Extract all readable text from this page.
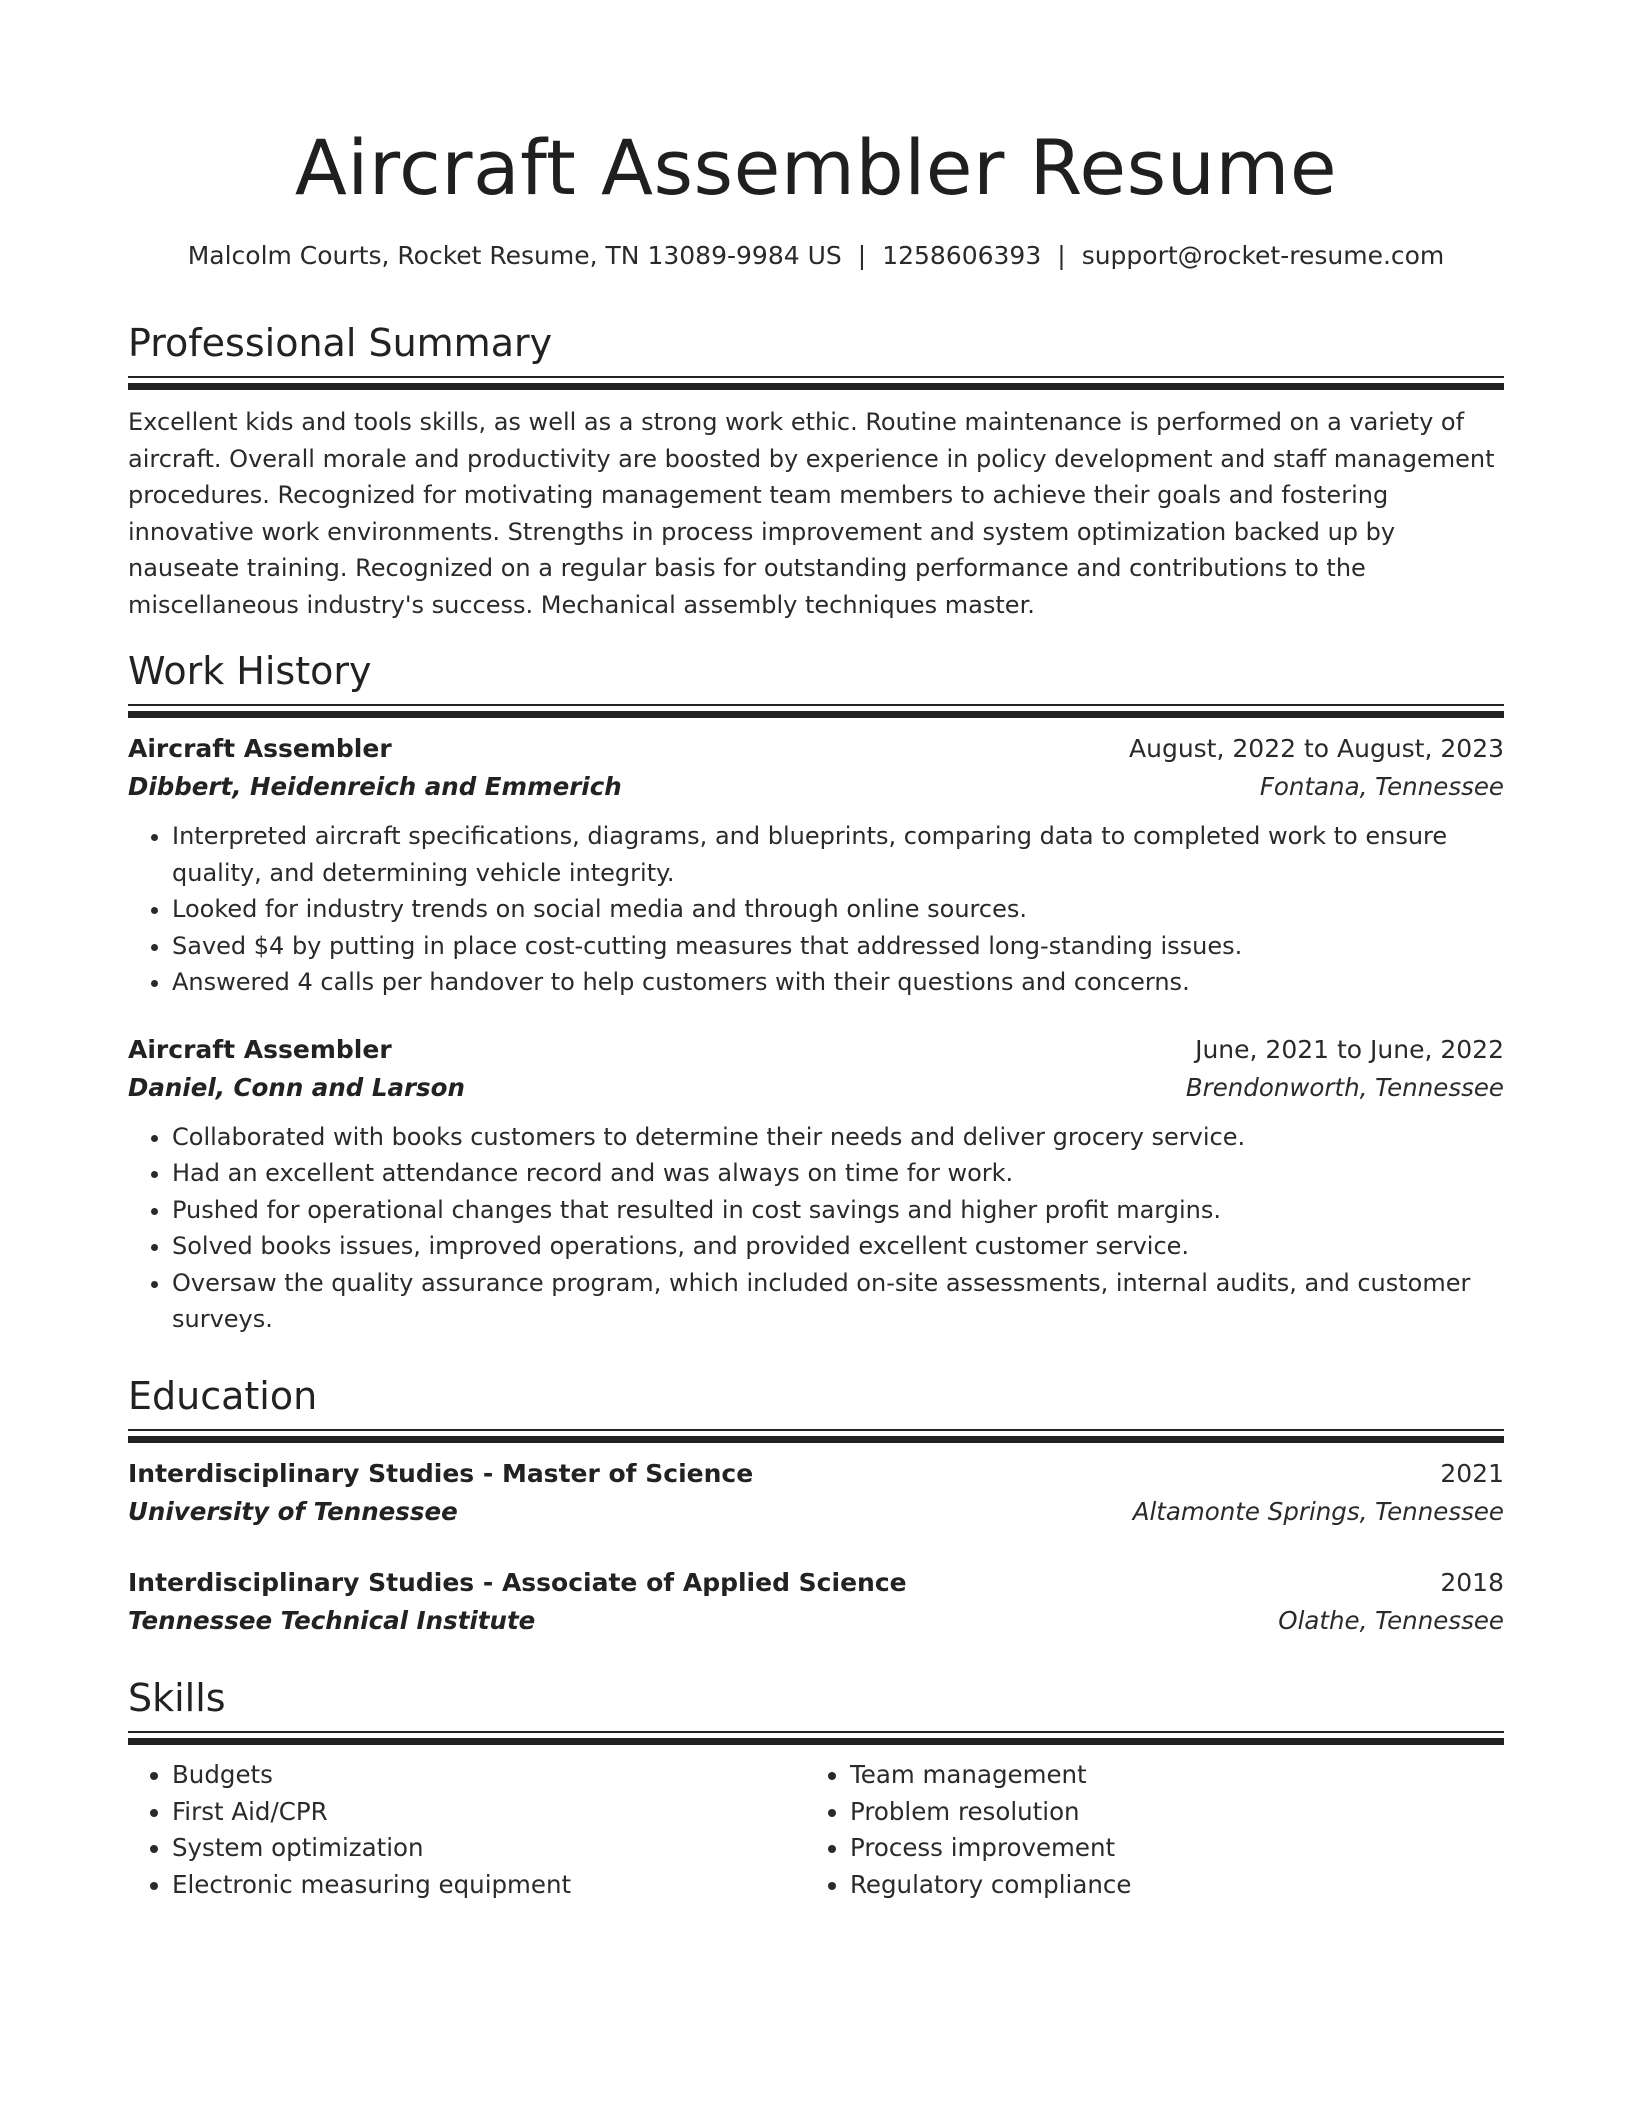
Aircraft Assembler Resume
Malcolm Courts, Rocket Resume, TN 13089-9984 US | 1258606393 | support@rocket-resume.com
Professional Summary

Excellent kids and tools skills, as well as a strong work ethic. Routine maintenance is performed on a variety of aircraft. Overall morale and productivity are boosted by experience in policy development and staff management procedures. Recognized for motivating management team members to achieve their goals and fostering innovative work environments. Strengths in process improvement and system optimization backed up by nauseate training. Recognized on a regular basis for outstanding performance and contributions to the miscellaneous industry's success. Mechanical assembly techniques master.

Work History
Aircraft Assembler	August, 2022 to August, 2023
Dibbert, Heidenreich and Emmerich	Fontana, Tennessee
• Interpreted aircraft specifications, diagrams, and blueprints, comparing data to completed work to ensure quality, and determining vehicle integrity.
• Looked for industry trends on social media and through online sources.
• Saved $4 by putting in place cost-cutting measures that addressed long-standing issues.
• Answered 4 calls per handover to help customers with their questions and concerns.
Aircraft Assembler	June, 2021 to June, 2022
Daniel, Conn and Larson	Brendonworth, Tennessee
• Collaborated with books customers to determine their needs and deliver grocery service.
• Had an excellent attendance record and was always on time for work.
• Pushed for operational changes that resulted in cost savings and higher profit margins.
• Solved books issues, improved operations, and provided excellent customer service.
• Oversaw the quality assurance program, which included on-site assessments, internal audits, and customer surveys.
Education
Interdisciplinary Studies - Master of Science	2021
University of Tennessee	Altamonte Springs, Tennessee
Interdisciplinary Studies - Associate of Applied Science	2018
Tennessee Technical Institute	Olathe, Tennessee
Skills
• Budgets
• First Aid/CPR
• System optimization
• Electronic measuring equipment
• Team management
• Problem resolution
• Process improvement
• Regulatory compliance
